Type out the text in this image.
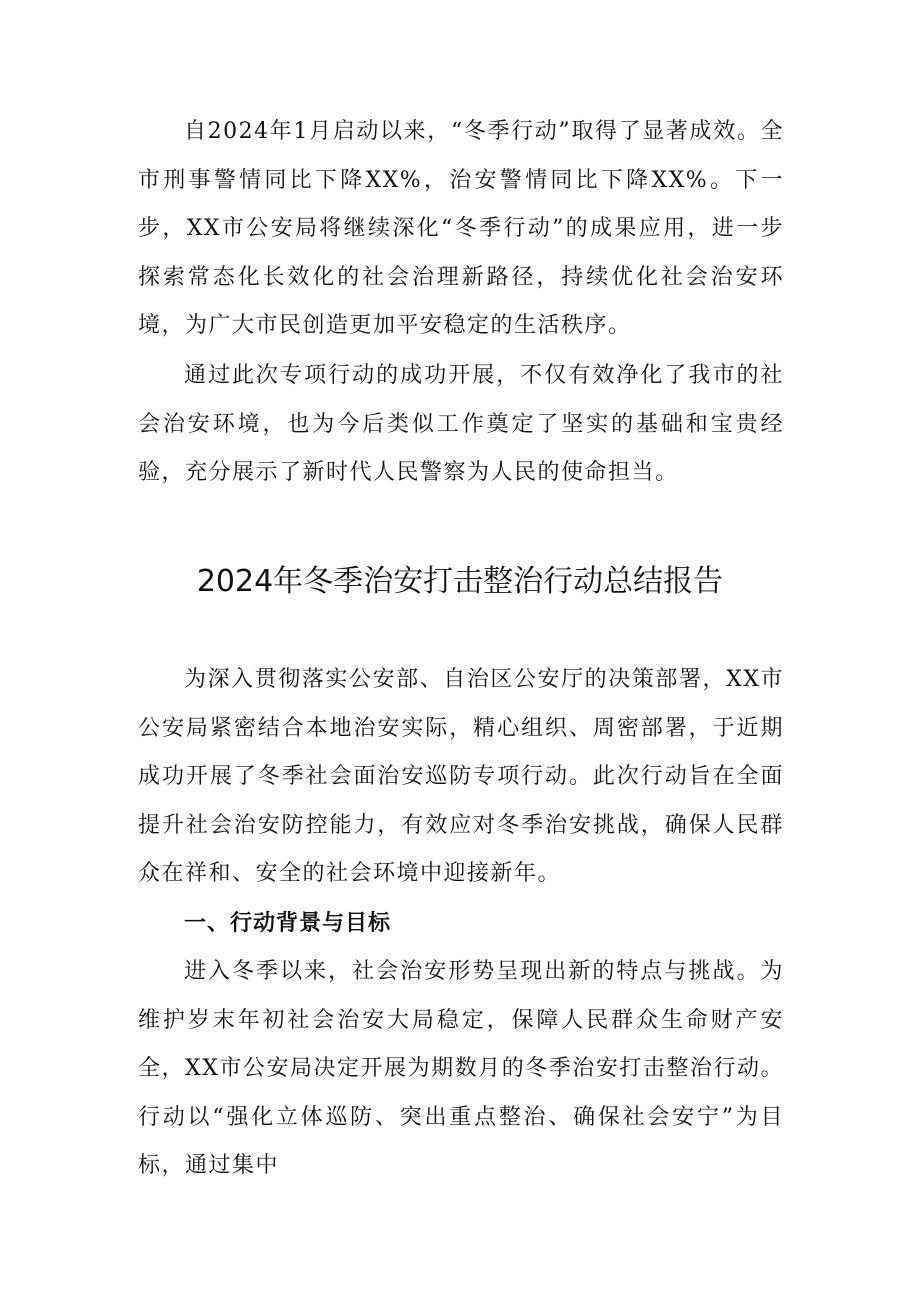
自2024年1月启动以来，“冬季行动”取得了显著成效。全市刑事警情同比下降XX%，治安警情同比下降XX%。下一步，XX市公安局将继续深化“冬季行动”的成果应用，进一步探索常态化长效化的社会治理新路径，持续优化社会治安环境，为广大市民创造更加平安稳定的生活秩序。

通过此次专项行动的成功开展，不仅有效净化了我市的社会治安环境，也为今后类似工作奠定了坚实的基础和宝贵经验，充分展示了新时代人民警察为人民的使命担当。

2024年冬季治安打击整治行动总结报告

为深入贯彻落实公安部、自治区公安厅的决策部署，XX市公安局紧密结合本地治安实际，精心组织、周密部署，于近期成功开展了冬季社会面治安巡防专项行动。此次行动旨在全面提升社会治安防控能力，有效应对冬季治安挑战，确保人民群众在祥和、安全的社会环境中迎接新年。

一、行动背景与目标

进入冬季以来，社会治安形势呈现出新的特点与挑战。为维护岁末年初社会治安大局稳定，保障人民群众生命财产安全，XX市公安局决定开展为期数月的冬季治安打击整治行动。行动以“强化立体巡防、突出重点整治、确保社会安宁”为目标，通过集中
